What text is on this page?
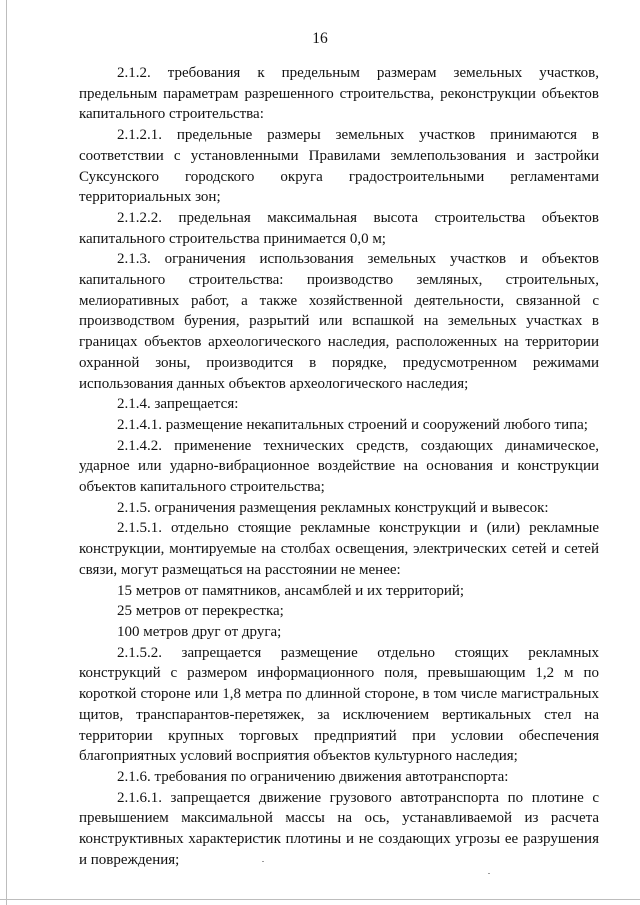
16

2.1.2. требования к предельным размерам земельных участков, предельным параметрам разрешенного строительства, реконструкции объектов капитального строительства:

2.1.2.1. предельные размеры земельных участков принимаются в соответствии с установленными Правилами землепользования и застройки Суксунского городского округа градостроительными регламентами территориальных зон;

2.1.2.2. предельная максимальная высота строительства объектов капитального строительства принимается 0,0 м;

2.1.3. ограничения использования земельных участков и объектов капитального строительства: производство земляных, строительных, мелиоративных работ, а также хозяйственной деятельности, связанной с производством бурения, разрытий или вспашкой на земельных участках в границах объектов археологического наследия, расположенных на территории охранной зоны, производится в порядке, предусмотренном режимами использования данных объектов археологического наследия;

2.1.4. запрещается:

2.1.4.1. размещение некапитальных строений и сооружений любого типа;

2.1.4.2. применение технических средств, создающих динамическое, ударное или ударно-вибрационное воздействие на основания и конструкции объектов капитального строительства;

2.1.5. ограничения размещения рекламных конструкций и вывесок:

2.1.5.1. отдельно стоящие рекламные конструкции и (или) рекламные конструкции, монтируемые на столбах освещения, электрических сетей и сетей связи, могут размещаться на расстоянии не менее:

15 метров от памятников, ансамблей и их территорий;

25 метров от перекрестка;

100 метров друг от друга;

2.1.5.2. запрещается размещение отдельно стоящих рекламных конструкций с размером информационного поля, превышающим 1,2 м по короткой стороне или 1,8 метра по длинной стороне, в том числе магистральных щитов, транспарантов-перетяжек, за исключением вертикальных стел на территории крупных торговых предприятий при условии обеспечения благоприятных условий восприятия объектов культурного наследия;

2.1.6. требования по ограничению движения автотранспорта:

2.1.6.1. запрещается движение грузового автотранспорта по плотине с превышением максимальной массы на ось, устанавливаемой из расчета конструктивных характеристик плотины и не создающих угрозы ее разрушения и повреждения;
